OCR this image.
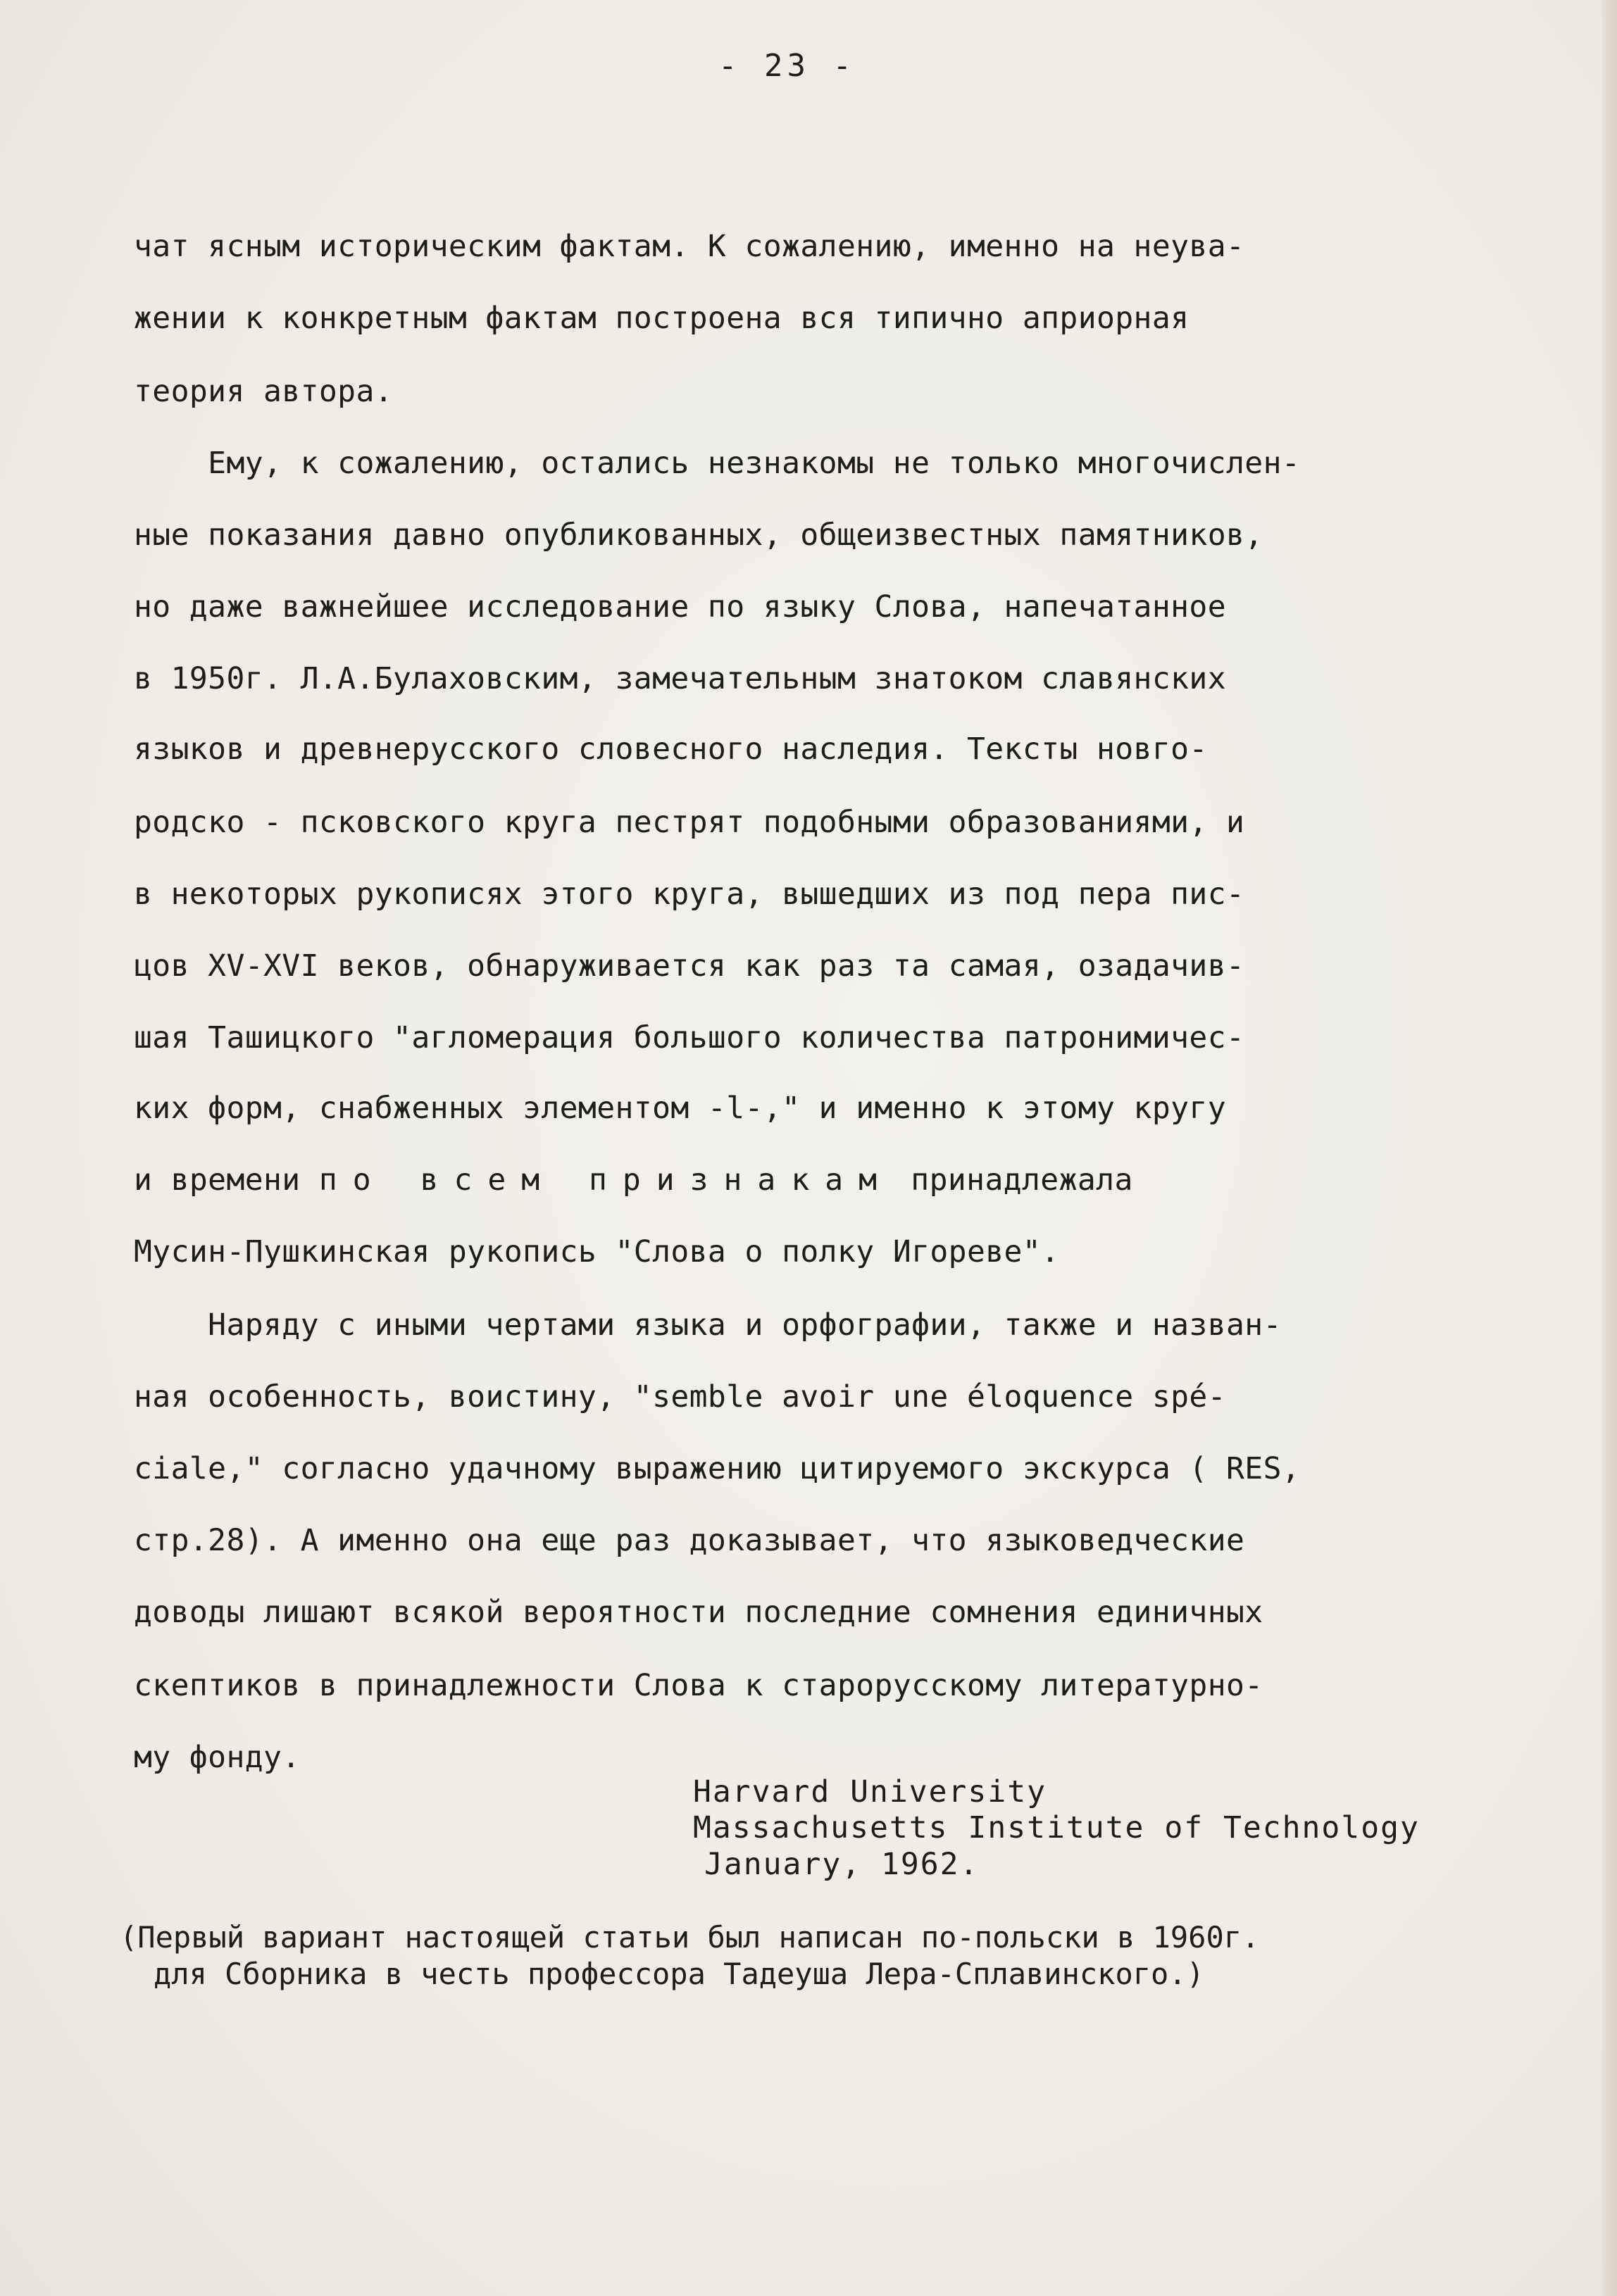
- 23 -
чат ясным историческим фактам. К сожалению, именно на неува-
жении к конкретным фактам построена вся типично априорная
теория автора.
Ему, к сожалению, остались незнакомы не только многочислен-
ные показания давно опубликованных, общеизвестных памятников,
но даже важнейшее исследование по языку Слова, напечатанное
в 1950г. Л.А.Булаховским, замечательным знатоком славянских
языков и древнерусского словесного наследия. Тексты новго-
родско - псковского круга пестрят подобными образованиями, и
в некоторых рукописях этого круга, вышедших из под пера пис-
цов XV-XVI веков, обнаруживается как раз та самая, озадачив-
шая Ташицкого "агломерация большого количества патронимичес-
ких форм, снабженных элементом -l-," и именно к этому кругу
и времени по всем признакам принадлежала
Мусин-Пушкинская рукопись "Слова о полку Игореве".
Наряду с иными чертами языка и орфографии, также и назван-
ная особенность, воистину, "semble avoir une éloquence spé-
ciale," согласно удачному выражению цитируемого экскурса ( RES,
стр.28). А именно она еще раз доказывает, что языковедческие
доводы лишают всякой вероятности последние сомнения единичных
скептиков в принадлежности Слова к старорусскому литературно-
му фонду.
Harvard University
Massachusetts Institute of Technology
January, 1962.
(Первый вариант настоящей статьи был написан по-польски в 1960г.
для Сборника в честь профессора Тадеуша Лера-Сплавинского.)
